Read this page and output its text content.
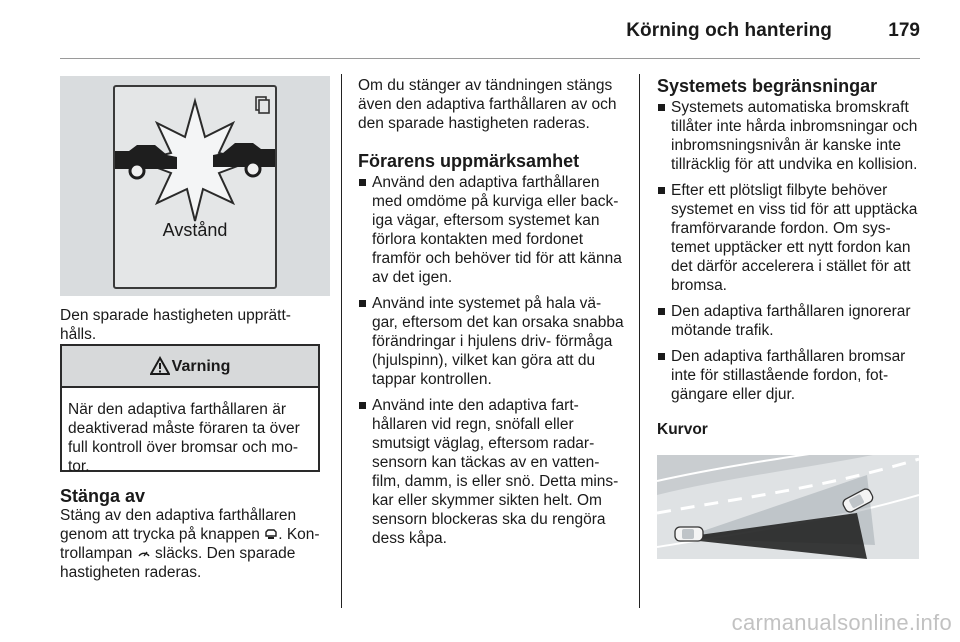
Körning och hantering	179
Avstånd

Den sparade hastigheten upprätt- hålls.

Varning
När den adaptiva farthållaren är deaktiverad måste föraren ta över full kontroll över bromsar och mo- tor.
Stänga av

Stäng av den adaptiva farthållaren genom att trycka på knappen . Kon- trollampan  släcks. Den sparade hastigheten raderas.

Om du stänger av tändningen stängs även den adaptiva farthållaren av och den sparade hastigheten raderas.

Förarens uppmärksamhet
Använd den adaptiva farthållaren med omdöme på kurviga eller back- iga vägar, eftersom systemet kan förlora kontakten med fordonet framför och behöver tid för att känna av det igen.
Använd inte systemet på hala vä- gar, eftersom det kan orsaka snabba förändringar i hjulens driv- förmåga (hjulspinn), vilket kan göra att du tappar kontrollen.
Använd inte den adaptiva fart- hållaren vid regn, snöfall eller smutsigt väglag, eftersom radar- sensorn kan täckas av en vatten- film, damm, is eller snö. Detta mins- kar eller skymmer sikten helt. Om sensorn blockeras ska du rengöra dess kåpa.
Systemets begränsningar
Systemets automatiska bromskraft tillåter inte hårda inbromsningar och inbromsningsnivån är kanske inte tillräcklig för att undvika en kollision.
Efter ett plötsligt filbyte behöver systemet en viss tid för att upptäcka framförvarande fordon. Om sys- temet upptäcker ett nytt fordon kan det därför accelerera i stället för att bromsa.
Den adaptiva farthållaren ignorerar mötande trafik.
Den adaptiva farthållaren bromsar inte för stillastående fordon, fot- gängare eller djur.
Kurvor
carmanualsonline.info
